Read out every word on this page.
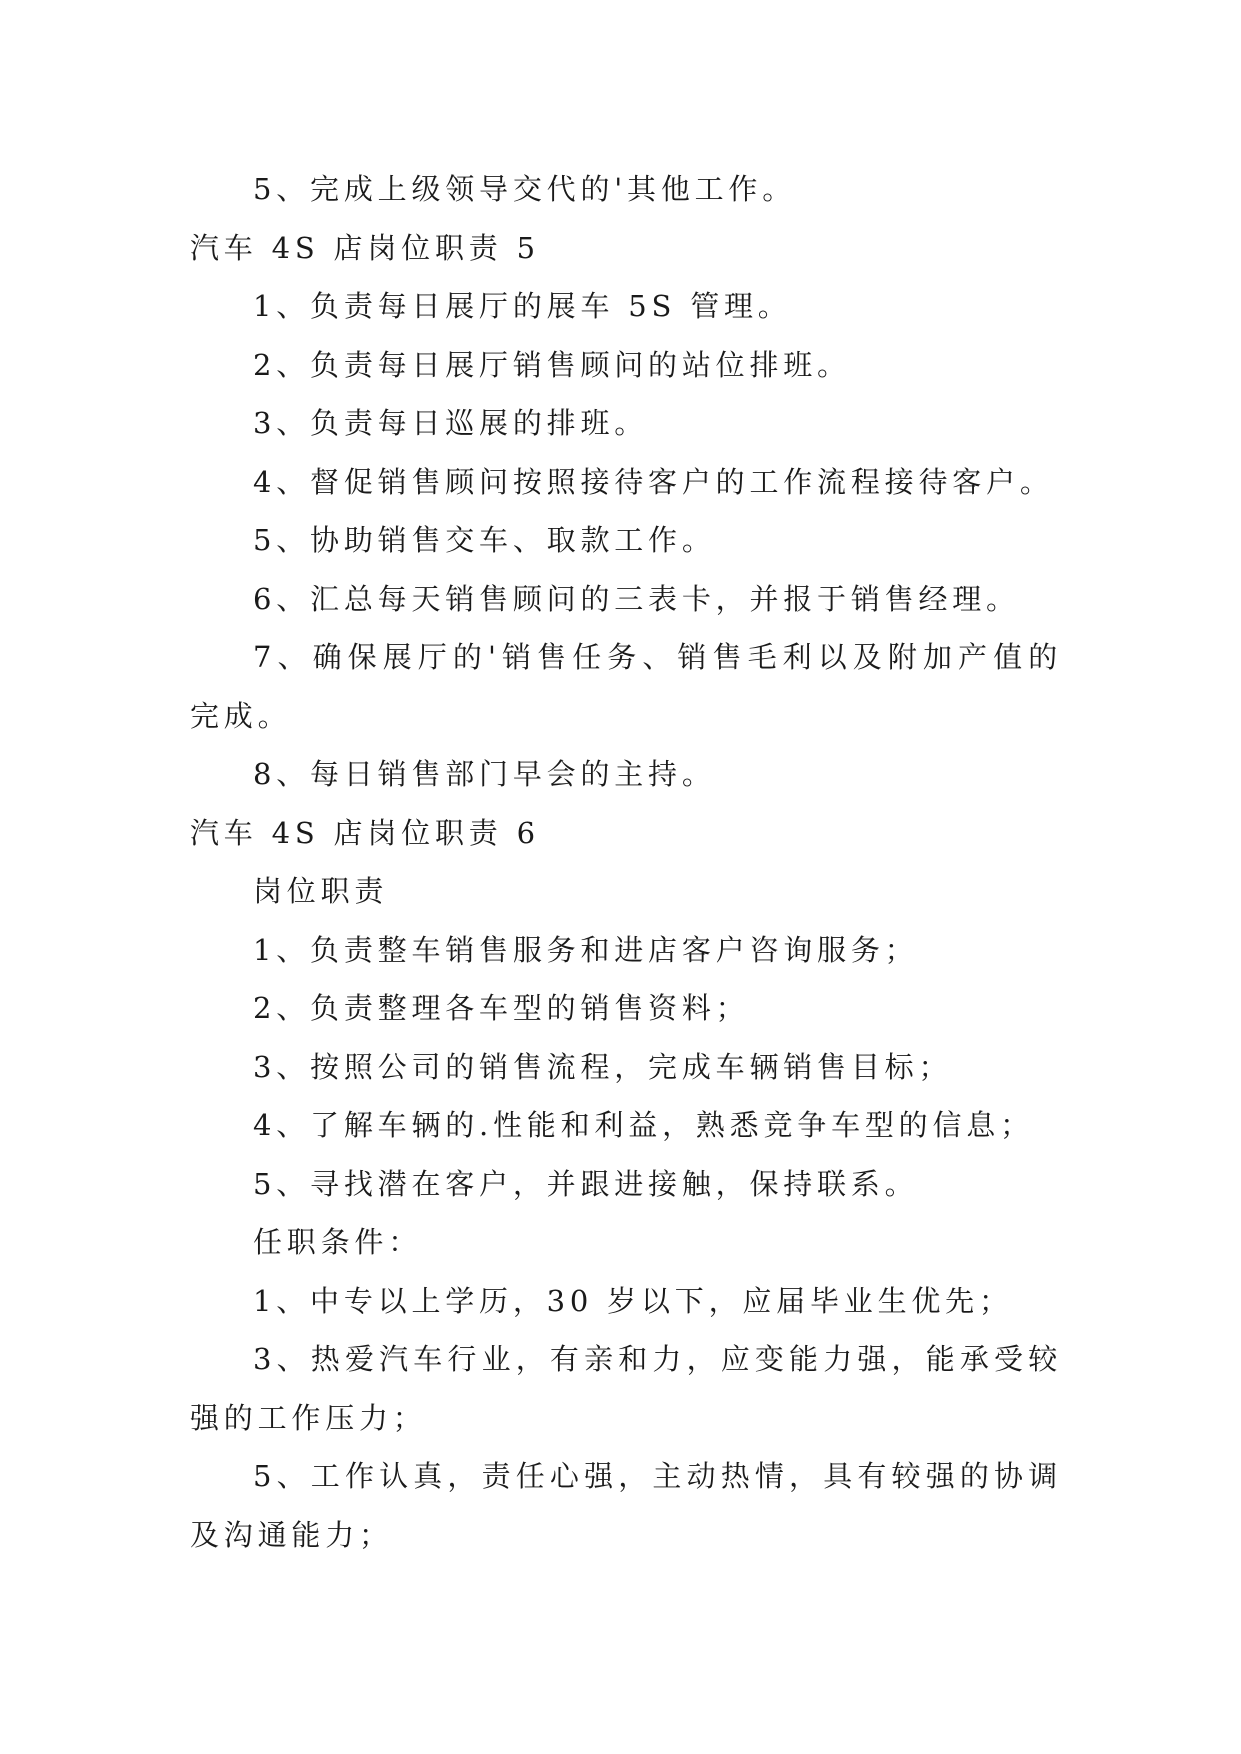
5、完成上级领导交代的'其他工作。
汽车 4S 店岗位职责 5
1、负责每日展厅的展车 5S 管理。
2、负责每日展厅销售顾问的站位排班。
3、负责每日巡展的排班。
4、督促销售顾问按照接待客户的工作流程接待客户。
5、协助销售交车、取款工作。
6、汇总每天销售顾问的三表卡，并报于销售经理。
7、确保展厅的'销售任务、销售毛利以及附加产值的完成。
8、每日销售部门早会的主持。
汽车 4S 店岗位职责 6
岗位职责
1、负责整车销售服务和进店客户咨询服务；
2、负责整理各车型的销售资料；
3、按照公司的销售流程，完成车辆销售目标；
4、了解车辆的.性能和利益，熟悉竞争车型的信息；
5、寻找潜在客户，并跟进接触，保持联系。
任职条件：
1、中专以上学历，30 岁以下，应届毕业生优先；
3、热爱汽车行业，有亲和力，应变能力强，能承受较强的工作压力；
5、工作认真，责任心强，主动热情，具有较强的协调及沟通能力；
